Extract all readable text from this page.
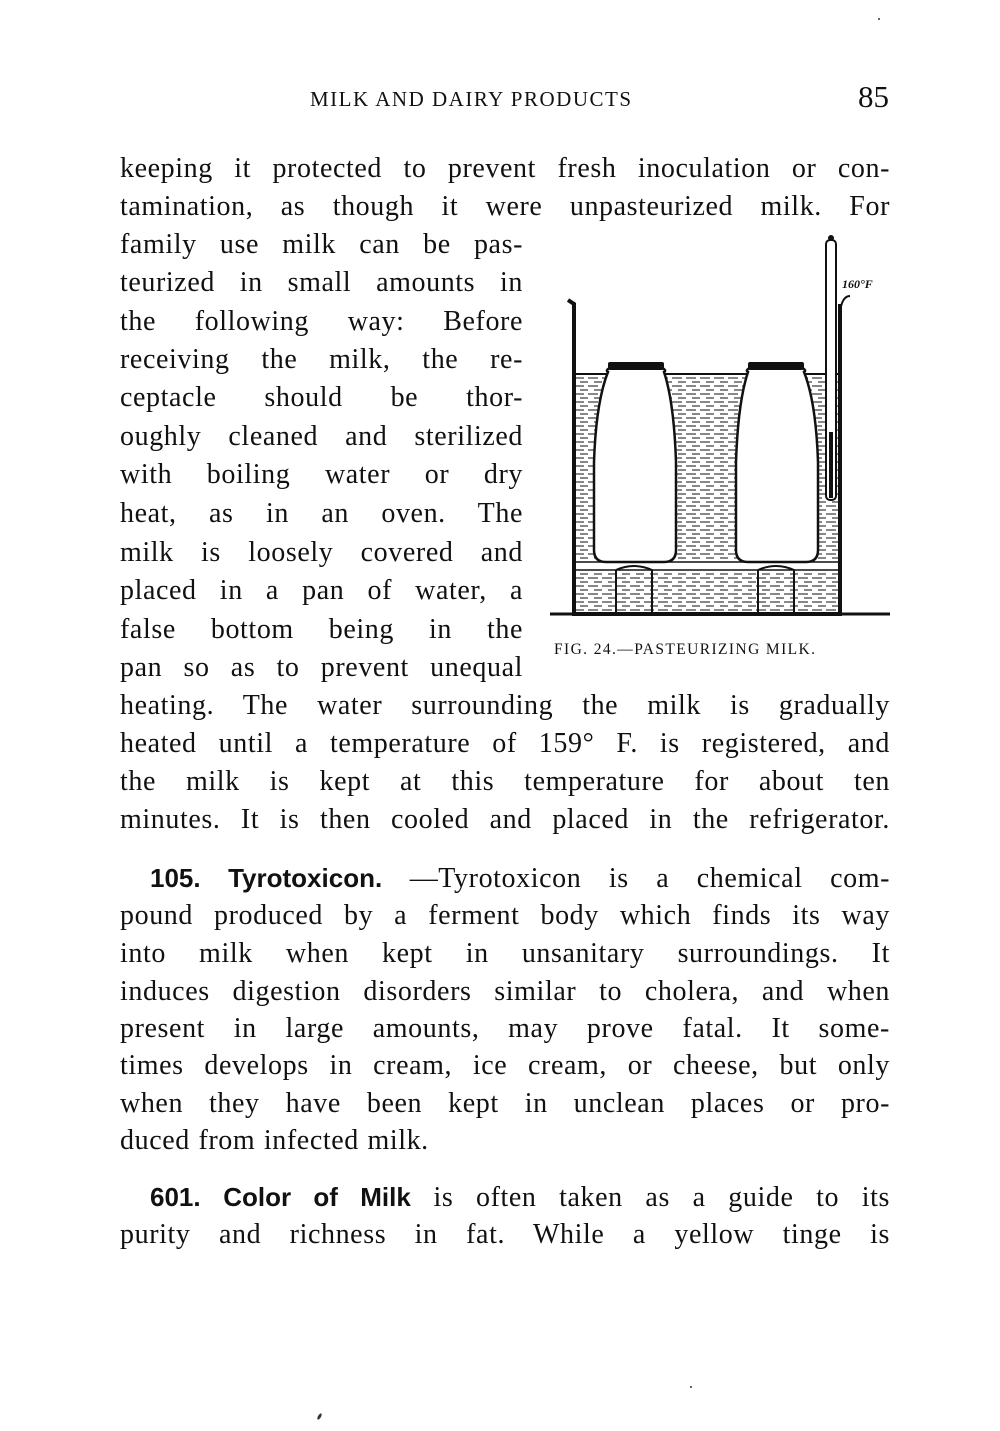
MILK AND DAIRY PRODUCTS	85
keeping it protected to prevent fresh inoculation or con-
tamination, as though it were unpasteurized milk. For
family use milk can be pas-
teurized in small amounts in
the following way: Before
receiving the milk, the re-
ceptacle should be thor-
oughly cleaned and sterilized
with boiling water or dry
heat, as in an oven. The
milk is loosely covered and
placed in a pan of water, a
false bottom being in the
pan so as to prevent unequal
heating. The water surrounding the milk is gradually
heated until a temperature of 159° F. is registered, and
the milk is kept at this temperature for about ten
minutes. It is then cooled and placed in the refrigerator.
160°F
FIG. 24.—PASTEURIZING MILK.
105. Tyrotoxicon. —Tyrotoxicon is a chemical com-
pound produced by a ferment body which finds its way
into milk when kept in unsanitary surroundings. It
induces digestion disorders similar to cholera, and when
present in large amounts, may prove fatal. It some-
times develops in cream, ice cream, or cheese, but only
when they have been kept in unclean places or pro-
duced from infected milk.
601. Color of Milk is often taken as a guide to its
purity and richness in fat. While a yellow tinge is
